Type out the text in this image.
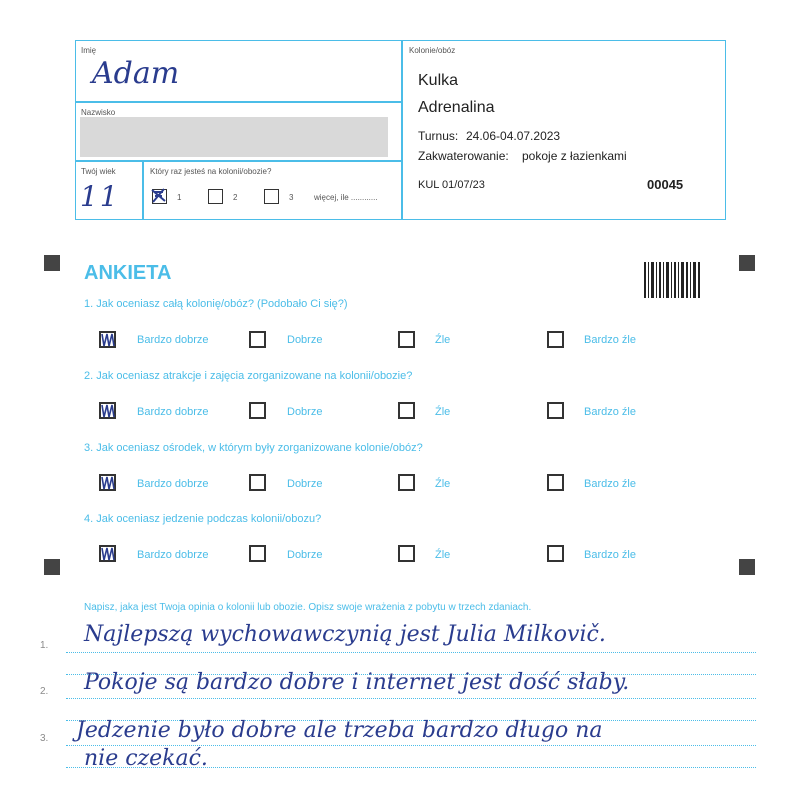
Imię
Adam
Nazwisko
Twój wiek
11
Który raz jesteś na kolonii/obozie?
1	2	3	więcej, ile ............
Kolonie/obóz
Kulka
Adrenalina
Turnus: 24.06-04.07.2023
Zakwaterowanie: pokoje z łazienkami
KUL 01/07/23	00045
ANKIETA
1. Jak oceniasz całą kolonię/obóz? (Podobało Ci się?)
Bardzo dobrze	Dobrze	Źle	Bardzo źle
2. Jak oceniasz atrakcje i zajęcia zorganizowane na kolonii/obozie?
Bardzo dobrze	Dobrze	Źle	Bardzo źle
3. Jak oceniasz ośrodek, w którym były zorganizowane kolonie/obóz?
Bardzo dobrze	Dobrze	Źle	Bardzo źle
4. Jak oceniasz jedzenie podczas kolonii/obozu?
Bardzo dobrze	Dobrze	Źle	Bardzo źle
Napisz, jaka jest Twoja opinia o kolonii lub obozie. Opisz swoje wrażenia z pobytu w trzech zdaniach.
1.
2.
3.
Najlepszą wychowawczynią jest Julia Milkovič.
Pokoje są bardzo dobre i internet jest dość słaby.
Jedzenie było dobre ale trzeba bardzo długo na
nie czekać.
